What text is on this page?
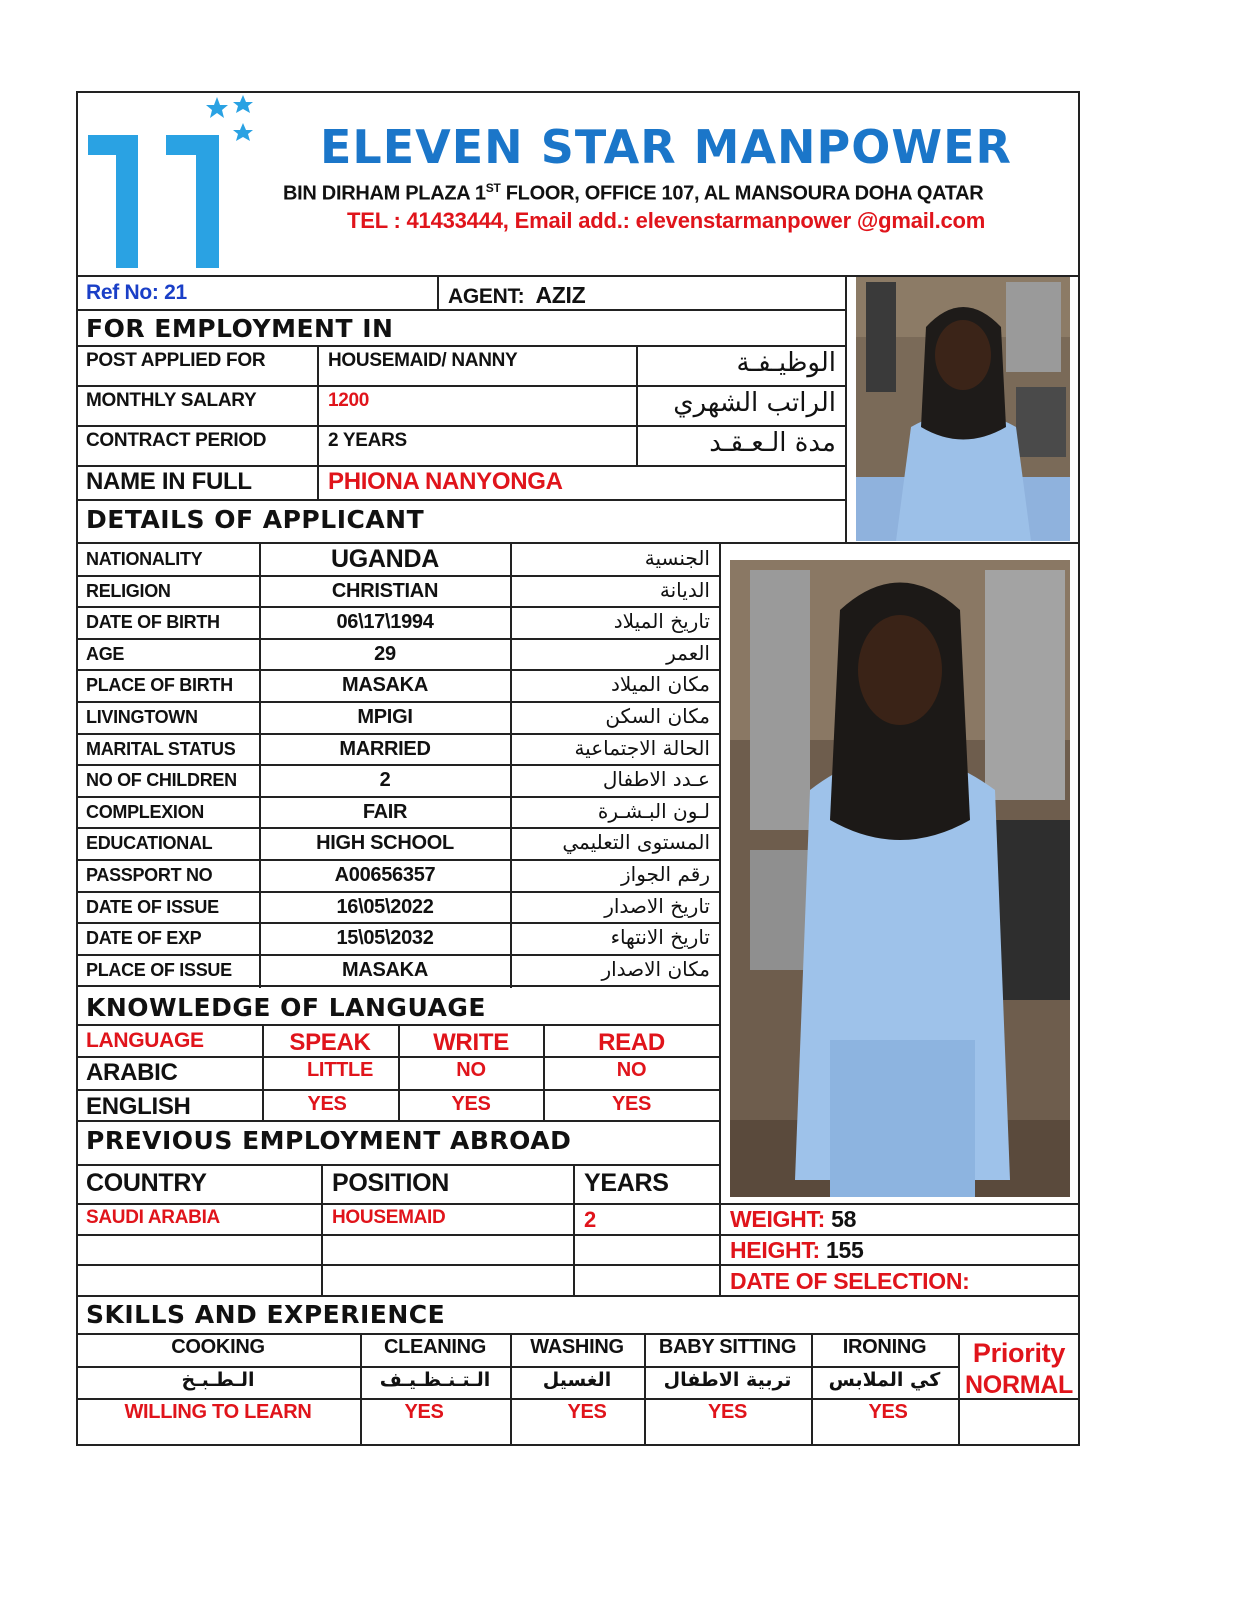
ELEVEN STAR MANPOWER
BIN DIRHAM PLAZA 1ST FLOOR, OFFICE 107, AL MANSOURA DOHA QATAR
TEL : 41433444, Email add.: elevenstarmanpower @gmail.com
Ref No: 21	AGENT: AZIZ
FOR EMPLOYMENT IN
POST APPLIED FOR	HOUSEMAID/ NANNY	الوظيـفـة
MONTHLY SALARY	1200	الراتب الشهري
CONTRACT PERIOD	2 YEARS	مدة الـعـقـد
NAME IN FULL	PHIONA NANYONGA
DETAILS OF APPLICANT
NATIONALITY	UGANDA	الجنسية
RELIGION	CHRISTIAN	الديانة
DATE OF BIRTH	06\17\1994	تاريخ الميلاد
AGE	29	العمر
PLACE OF BIRTH	MASAKA	مكان الميلاد
LIVINGTOWN	MPIGI	مكان السكن
MARITAL STATUS	MARRIED	الحالة الاجتماعية
NO OF CHILDREN	2	عـدد الاطفال
COMPLEXION	FAIR	لـون البـشـرة
EDUCATIONAL	HIGH SCHOOL	المستوى التعليمي
PASSPORT NO	A00656357	رقم الجواز
DATE OF ISSUE	16\05\2022	تاريخ الاصدار
DATE OF EXP	15\05\2032	تاريخ الانتهاء
PLACE OF ISSUE	MASAKA	مكان الاصدار
KNOWLEDGE OF LANGUAGE
LANGUAGE	SPEAK	WRITE	READ
ARABIC	LITTLE	NO	NO
ENGLISH	YES	YES	YES
PREVIOUS EMPLOYMENT ABROAD
COUNTRY	POSITION	YEARS
SAUDI ARABIA	HOUSEMAID	2	WEIGHT: 58
HEIGHT: 155
DATE OF SELECTION:
SKILLS AND EXPERIENCE
COOKING	CLEANING	WASHING	BABY SITTING	IRONING
الـطـبـخ	الـتـنـظـيـف	الغسيل	تربية الاطفال	كي الملابس
WILLING TO LEARN	YES	YES	YES	YES
Priority
NORMAL
